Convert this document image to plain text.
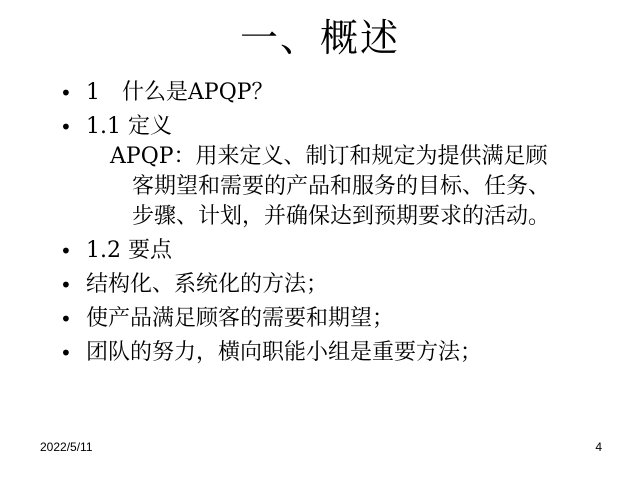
一、概述
• 1　什么是APQP？
• 1.1 定义
APQP：用来定义、制订和规定为提供满足顾
客期望和需要的产品和服务的目标、任务、
步骤、计划，并确保达到预期要求的活动。
• 1.2 要点
• 结构化、系统化的方法；
• 使产品满足顾客的需要和期望；
• 团队的努力，横向职能小组是重要方法；
2022/5/11	4
